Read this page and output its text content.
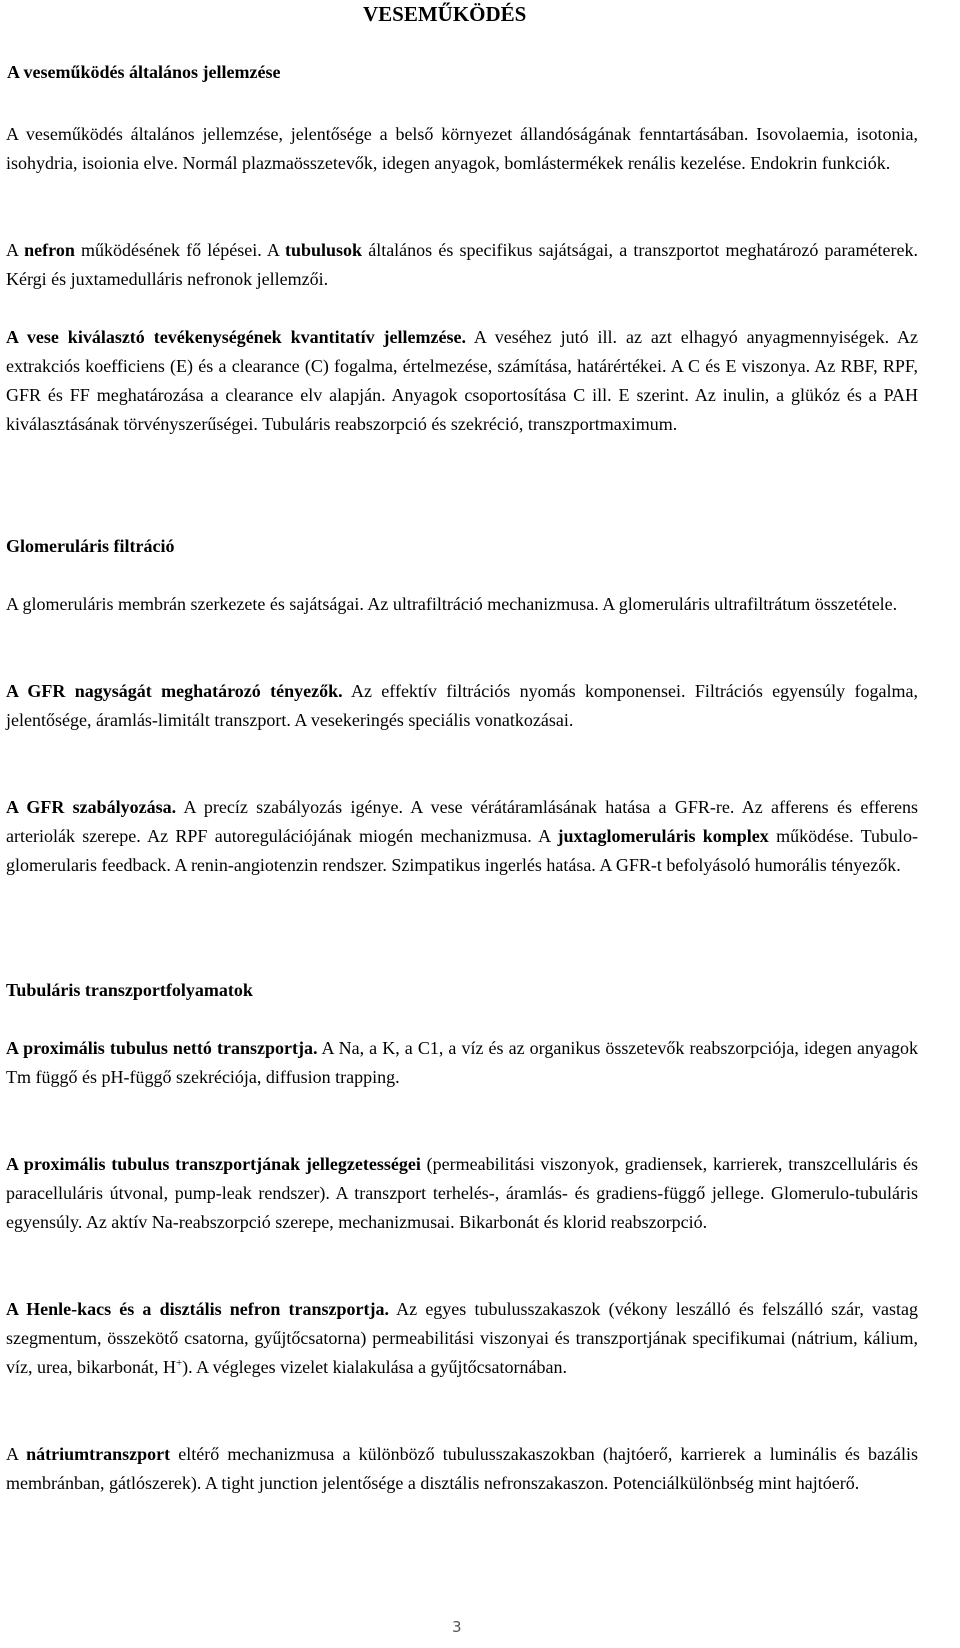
VESEMŰKÖDÉS
A veseműködés általános jellemzése

A veseműködés általános jellemzése, jelentősége a belső környezet állandóságának fenntartásában. Isovolaemia, isotonia, isohydria, isoionia elve. Normál plazmaösszetevők, idegen anyagok, bomlástermékek renális kezelése. Endokrin funkciók.

A nefron működésének fő lépései. A tubulusok általános és specifikus sajátságai, a transzportot meghatározó paraméterek. Kérgi és juxtamedulláris nefronok jellemzői.

A vese kiválasztó tevékenységének kvantitatív jellemzése. A veséhez jutó ill. az azt elhagyó anyagmennyiségek. Az extrakciós koefficiens (E) és a clearance (C) fogalma, értelmezése, számítása, határértékei. A C és E viszonya. Az RBF, RPF, GFR és FF meghatározása a clearance elv alapján. Anyagok csoportosítása C ill. E szerint. Az inulin, a glükóz és a PAH kiválasztásának törvényszerűségei. Tubuláris reabszorpció és szekréció, transzportmaximum.

Glomeruláris filtráció

A glomeruláris membrán szerkezete és sajátságai. Az ultrafiltráció mechanizmusa. A glomeruláris ultrafiltrátum összetétele.

A GFR nagyságát meghatározó tényezők. Az effektív filtrációs nyomás komponensei. Filtrációs egyensúly fogalma, jelentősége, áramlás-limitált transzport. A vesekeringés speciális vonatkozásai.

A GFR szabályozása. A precíz szabályozás igénye. A vese vérátáramlásának hatása a GFR-re. Az afferens és efferens arteriolák szerepe. Az RPF autoregulációjának miogén mechanizmusa. A juxtaglomeruláris komplex működése. Tubulo-glomerularis feedback. A renin-angiotenzin rendszer. Szimpatikus ingerlés hatása. A GFR-t befolyásoló humorális tényezők.

Tubuláris transzportfolyamatok

A proximális tubulus nettó transzportja. A Na, a K, a C1, a víz és az organikus összetevők reabszorpciója, idegen anyagok Tm függő és pH-függő szekréciója, diffusion trapping.

A proximális tubulus transzportjának jellegzetességei (permeabilitási viszonyok, gradiensek, karrierek, transzcelluláris és paracelluláris útvonal, pump-leak rendszer). A transzport terhelés-, áramlás- és gradiens-függő jellege. Glomerulo-tubuláris egyensúly. Az aktív Na-reabszorpció szerepe, mechanizmusai. Bikarbonát és klorid reabszorpció.

A Henle-kacs és a disztális nefron transzportja. Az egyes tubulusszakaszok (vékony leszálló és felszálló szár, vastag szegmentum, összekötő csatorna, gyűjtőcsatorna) permeabilitási viszonyai és transzportjának specifikumai (nátrium, kálium, víz, urea, bikarbonát, H+). A végleges vizelet kialakulása a gyűjtőcsatornában.

A nátriumtranszport eltérő mechanizmusa a különböző tubulusszakaszokban (hajtóerő, karrierek a luminális és bazális membránban, gátlószerek). A tight junction jelentősége a disztális nefronszakaszon. Potenciálkülönbség mint hajtóerő.

3
